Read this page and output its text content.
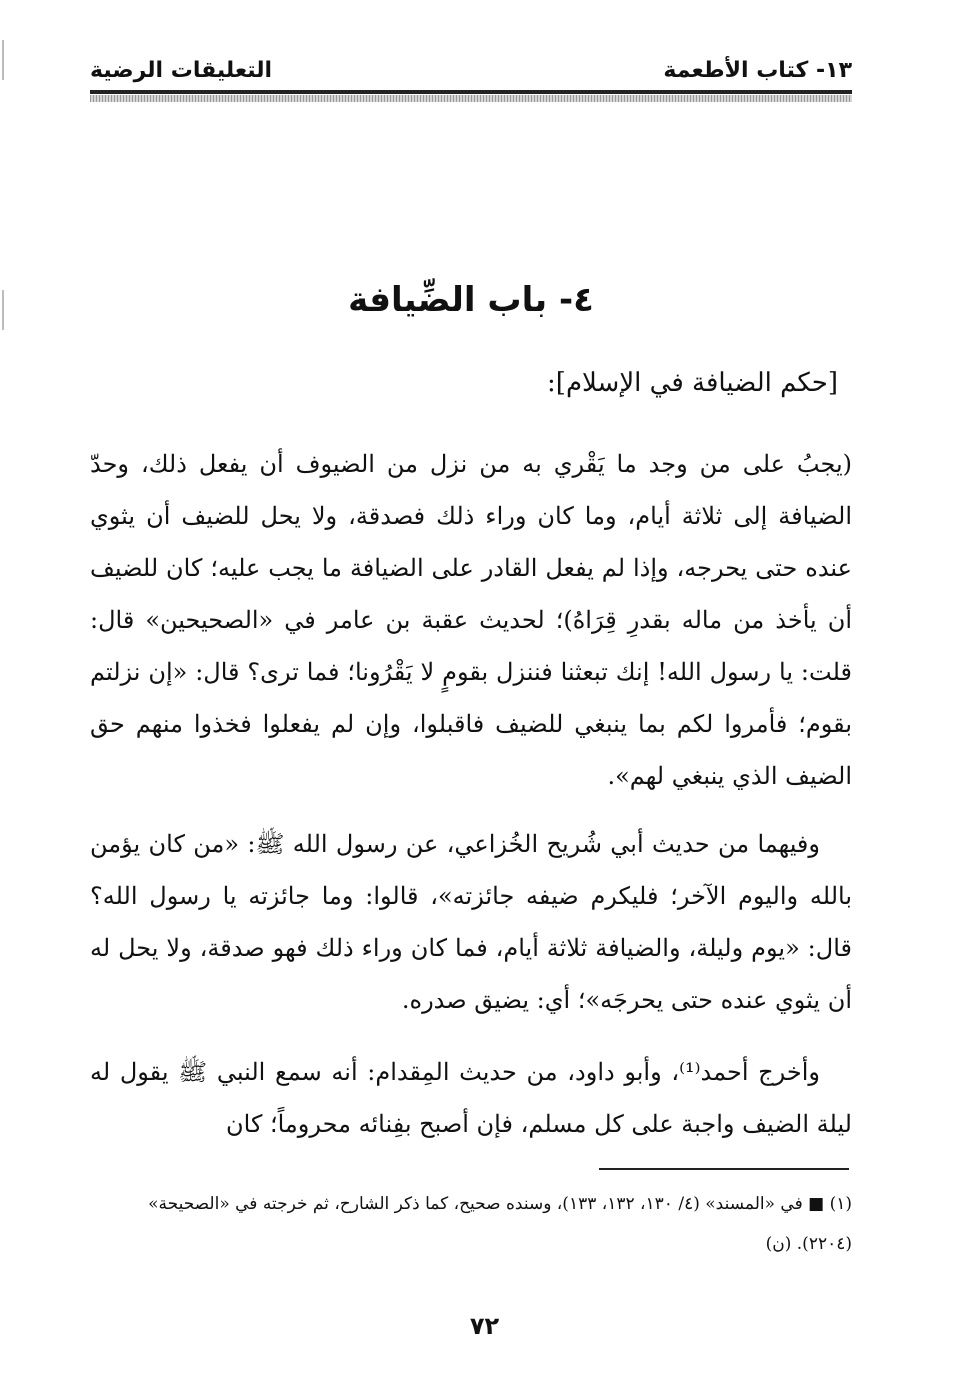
١٣- كتاب الأطعمة
التعليقات الرضية
٤- باب الضِّيافة
[حكم الضيافة في الإسلام]:
(يجبُ على من وجد ما يَقْري به من نزل من الضيوف أن يفعل ذلك، وحدّ الضيافة إلى ثلاثة أيام، وما كان وراء ذلك فصدقة، ولا يحل للضيف أن يثوي عنده حتى يحرجه، وإذا لم يفعل القادر على الضيافة ما يجب عليه؛ كان للضيف أن يأخذ من ماله بقدرِ قِرَاهُ)؛ لحديث عقبة بن عامر في «الصحيحين» قال: قلت: يا رسول الله! إنك تبعثنا فننزل بقومٍ لا يَقْرُونا؛ فما ترى؟ قال: «إن نزلتم بقوم؛ فأمروا لكم بما ينبغي للضيف فاقبلوا، وإن لم يفعلوا فخذوا منهم حق الضيف الذي ينبغي لهم».
وفيهما من حديث أبي شُريح الخُزاعي، عن رسول الله ﷺ: «من كان يؤمن بالله واليوم الآخر؛ فليكرم ضيفه جائزته»، قالوا: وما جائزته يا رسول الله؟ قال: «يوم وليلة، والضيافة ثلاثة أيام، فما كان وراء ذلك فهو صدقة، ولا يحل له أن يثوي عنده حتى يحرجَه»؛ أي: يضيق صدره.
وأخرج أحمد⁽¹⁾، وأبو داود، من حديث المِقدام: أنه سمع النبي ﷺ يقول له ليلة الضيف واجبة على كل مسلم، فإن أصبح بفِنائه محروماً؛ كان
(١) ■ في «المسند» (٤/ ١٣٠، ١٣٢، ١٣٣)، وسنده صحيح، كما ذكر الشارح، ثم خرجته في «الصحيحة» (٢٢٠٤). (ن)
٧٢
